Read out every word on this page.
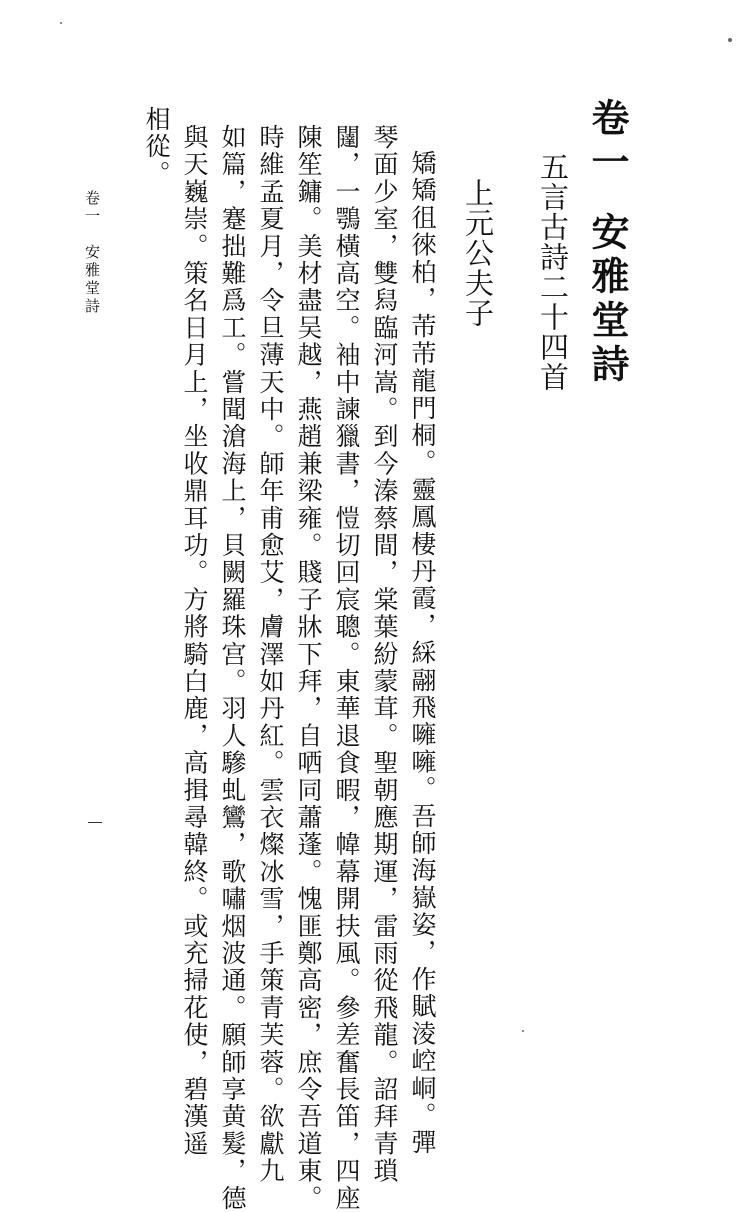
卷一安雅堂詩
五言古詩二十四首
上元公夫子
矯矯徂徠柏，芾芾龍門桐。靈鳳棲丹霞，綵翮飛噰噰。吾師海嶽姿，作賦淩崆峒。彈
琴面少室，雙舄臨河嵩。到今溱蔡間，棠葉紛蒙茸。聖朝應期運，雷雨從飛龍。詔拜青瑣
闥，一鶚橫高空。袖中諫獵書，愷切回宸聰。東華退食暇，幃幕開扶風。參差奮長笛，四座
陳笙鏞。美材盡吴越，燕趙兼梁雍。賤子牀下拜，自哂同蕭蓬。愧匪鄭高密，庶令吾道東。
時維孟夏月，令旦薄天中。師年甫愈艾，膚澤如丹紅。雲衣燦冰雪，手策青芙蓉。欲獻九
如篇，蹇拙難爲工。嘗聞滄海上，貝闕羅珠宫。羽人驂虬鸞，歌嘯烟波通。願師享黄髮，德
與天巍崇。策名日月上，坐收鼎耳功。方將騎白鹿，高揖尋韓終。或充掃花使，碧漢遥
相從。
卷一　安雅堂詩
